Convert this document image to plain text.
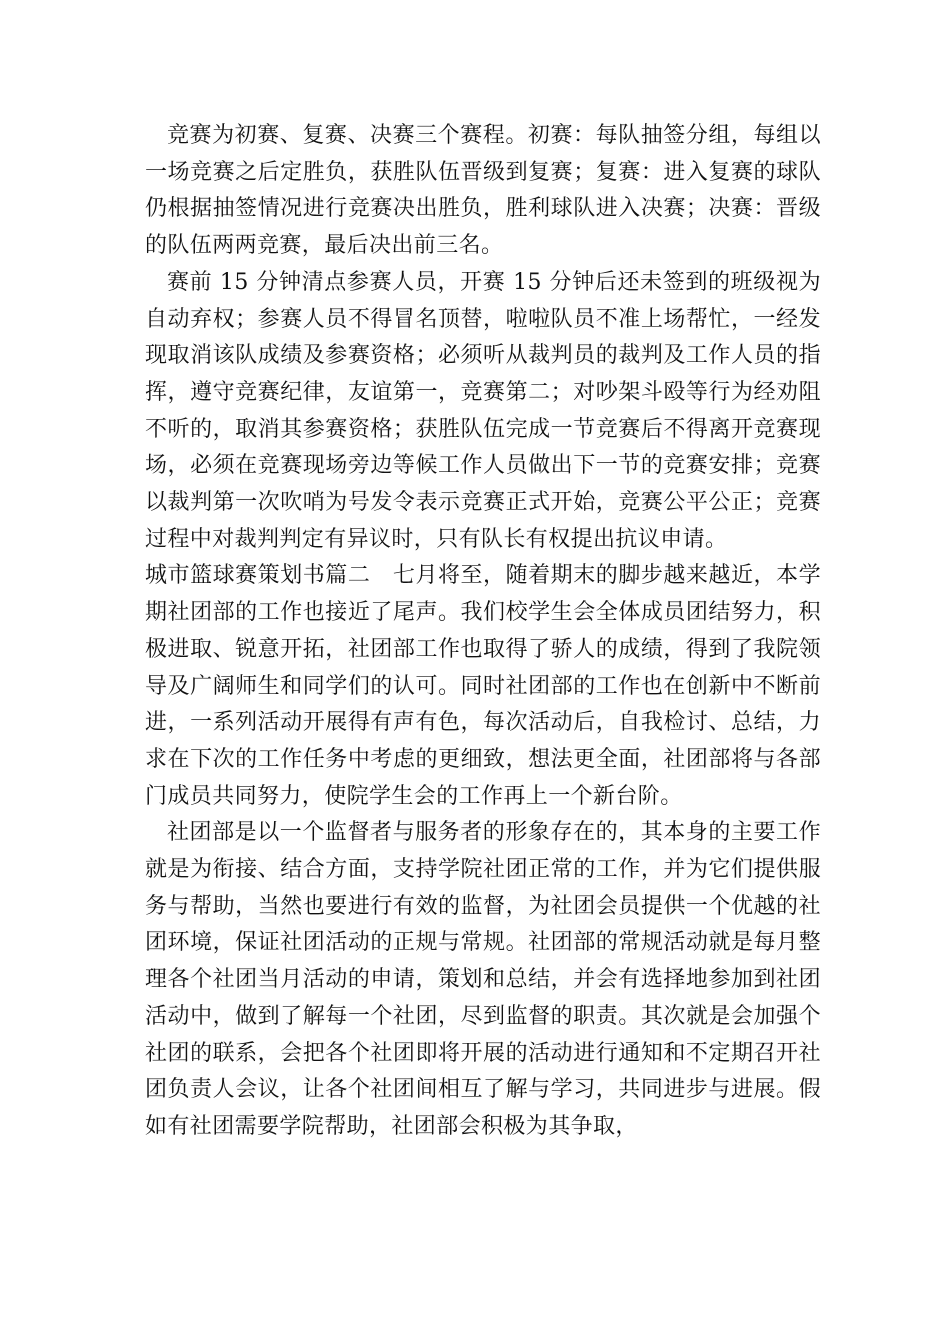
竞赛为初赛、复赛、决赛三个赛程。初赛：每队抽签分组，每组以一场竞赛之后定胜负，获胜队伍晋级到复赛；复赛：进入复赛的球队仍根据抽签情况进行竞赛决出胜负，胜利球队进入决赛；决赛：晋级的队伍两两竞赛，最后决出前三名。

赛前 15 分钟清点参赛人员，开赛 15 分钟后还未签到的班级视为自动弃权；参赛人员不得冒名顶替，啦啦队员不准上场帮忙，一经发现取消该队成绩及参赛资格；必须听从裁判员的裁判及工作人员的指挥，遵守竞赛纪律，友谊第一，竞赛第二；对吵架斗殴等行为经劝阻不听的，取消其参赛资格；获胜队伍完成一节竞赛后不得离开竞赛现场，必须在竞赛现场旁边等候工作人员做出下一节的竞赛安排；竞赛以裁判第一次吹哨为号发令表示竞赛正式开始，竞赛公平公正；竞赛过程中对裁判判定有异议时，只有队长有权提出抗议申请。

城市篮球赛策划书篇二　七月将至，随着期末的脚步越来越近，本学期社团部的工作也接近了尾声。我们校学生会全体成员团结努力，积极进取、锐意开拓，社团部工作也取得了骄人的成绩，得到了我院领导及广阔师生和同学们的认可。同时社团部的工作也在创新中不断前进，一系列活动开展得有声有色，每次活动后，自我检讨、总结，力求在下次的工作任务中考虑的更细致，想法更全面，社团部将与各部门成员共同努力，使院学生会的工作再上一个新台阶。

社团部是以一个监督者与服务者的形象存在的，其本身的主要工作就是为衔接、结合方面，支持学院社团正常的工作，并为它们提供服务与帮助，当然也要进行有效的监督，为社团会员提供一个优越的社团环境，保证社团活动的正规与常规。社团部的常规活动就是每月整理各个社团当月活动的申请，策划和总结，并会有选择地参加到社团活动中，做到了解每一个社团，尽到监督的职责。其次就是会加强个社团的联系，会把各个社团即将开展的活动进行通知和不定期召开社团负责人会议，让各个社团间相互了解与学习，共同进步与进展。假如有社团需要学院帮助，社团部会积极为其争取，
